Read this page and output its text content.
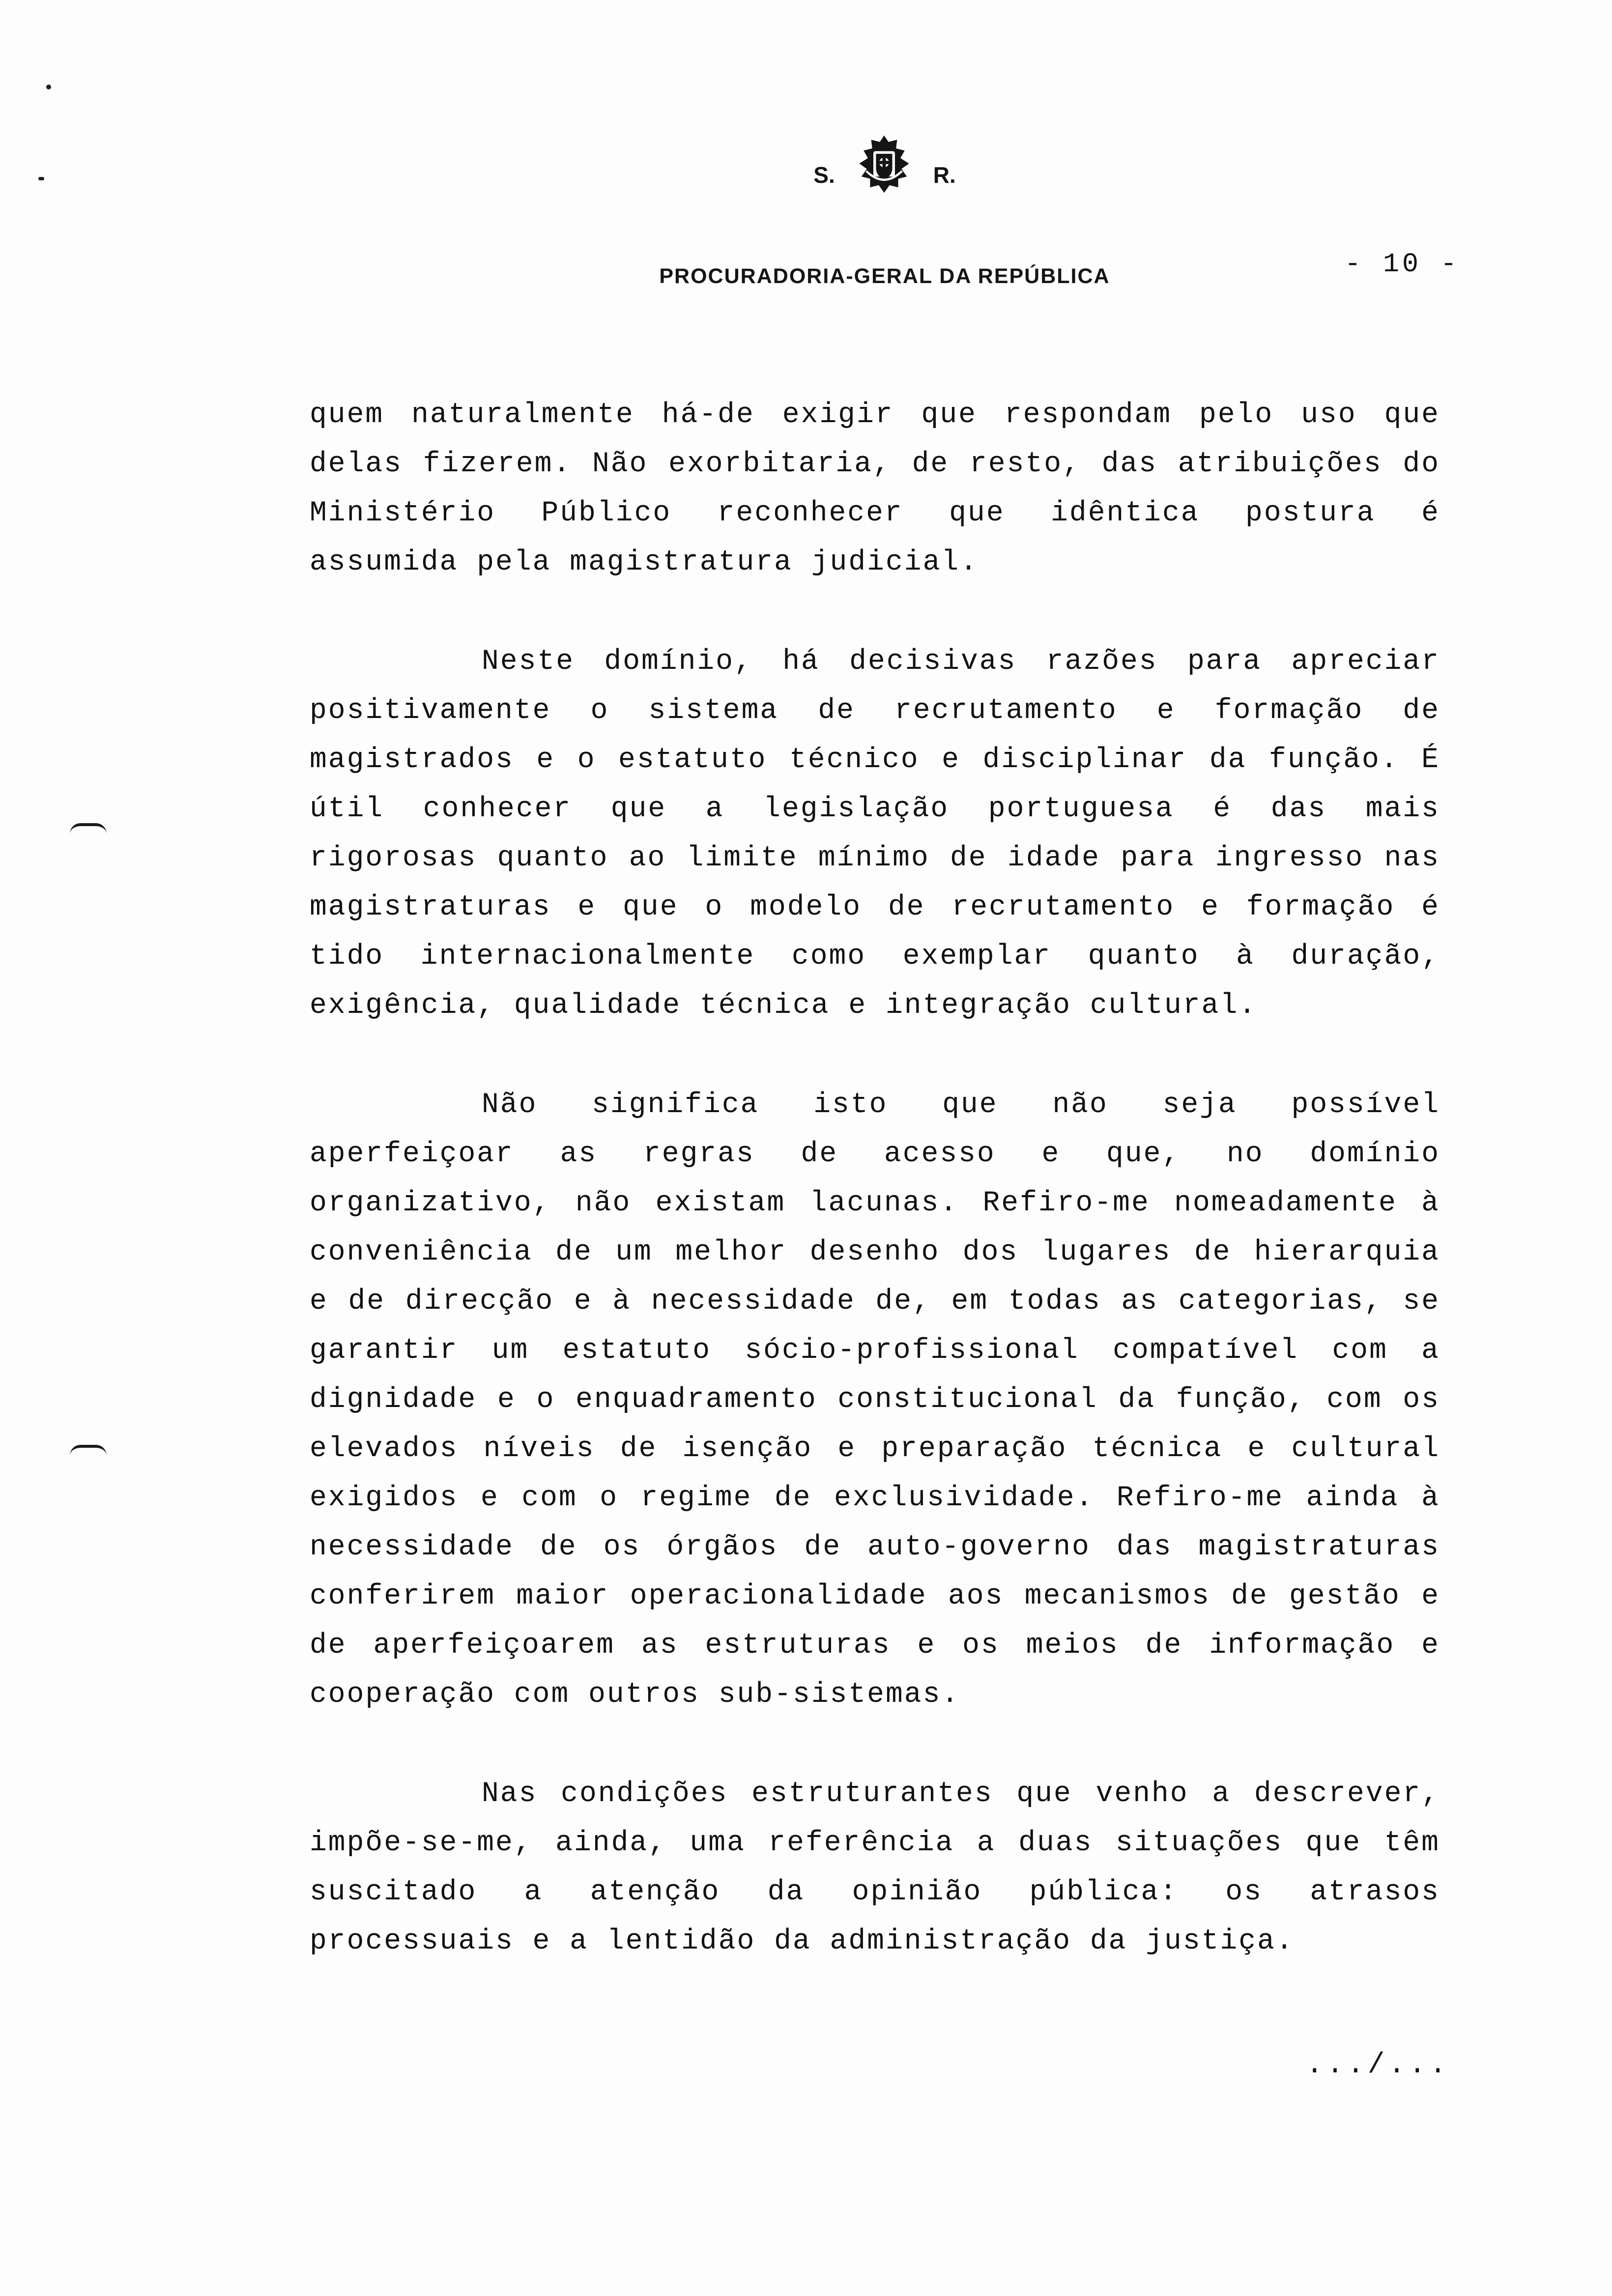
S.	R.
PROCURADORIA-GERAL DA REPÚBLICA	- 10 -

quem naturalmente há-de exigir que respondam pelo uso que delas fizerem. Não exorbitaria, de resto, das atribuições do Ministério Público reconhecer que idêntica postura é assumida pela magistratura judicial.

Neste domínio, há decisivas razões para apreciar positivamente o sistema de recrutamento e formação de magistrados e o estatuto técnico e disciplinar da função. É útil conhecer que a legislação portuguesa é das mais rigorosas quanto ao limite mínimo de idade para ingresso nas magistraturas e que o modelo de recrutamento e formação é tido internacionalmente como exemplar quanto à duração, exigência, qualidade técnica e integração cultural.

Não significa isto que não seja possível aperfeiçoar as regras de acesso e que, no domínio organizativo, não existam lacunas. Refiro-me nomeadamente à conveniência de um melhor desenho dos lugares de hierarquia e de direcção e à necessidade de, em todas as categorias, se garantir um estatuto sócio-profissional compatível com a dignidade e o enquadramento constitucional da função, com os elevados níveis de isenção e preparação técnica e cultural exigidos e com o regime de exclusividade. Refiro-me ainda à necessidade de os órgãos de auto-governo das magistraturas conferirem maior operacionalidade aos mecanismos de gestão e de aperfeiçoarem as estruturas e os meios de informação e cooperação com outros sub-sistemas.

Nas condições estruturantes que venho a descrever, impõe-se-me, ainda, uma referência a duas situações que têm suscitado a atenção da opinião pública: os atrasos processuais e a lentidão da administração da justiça.

.../...
